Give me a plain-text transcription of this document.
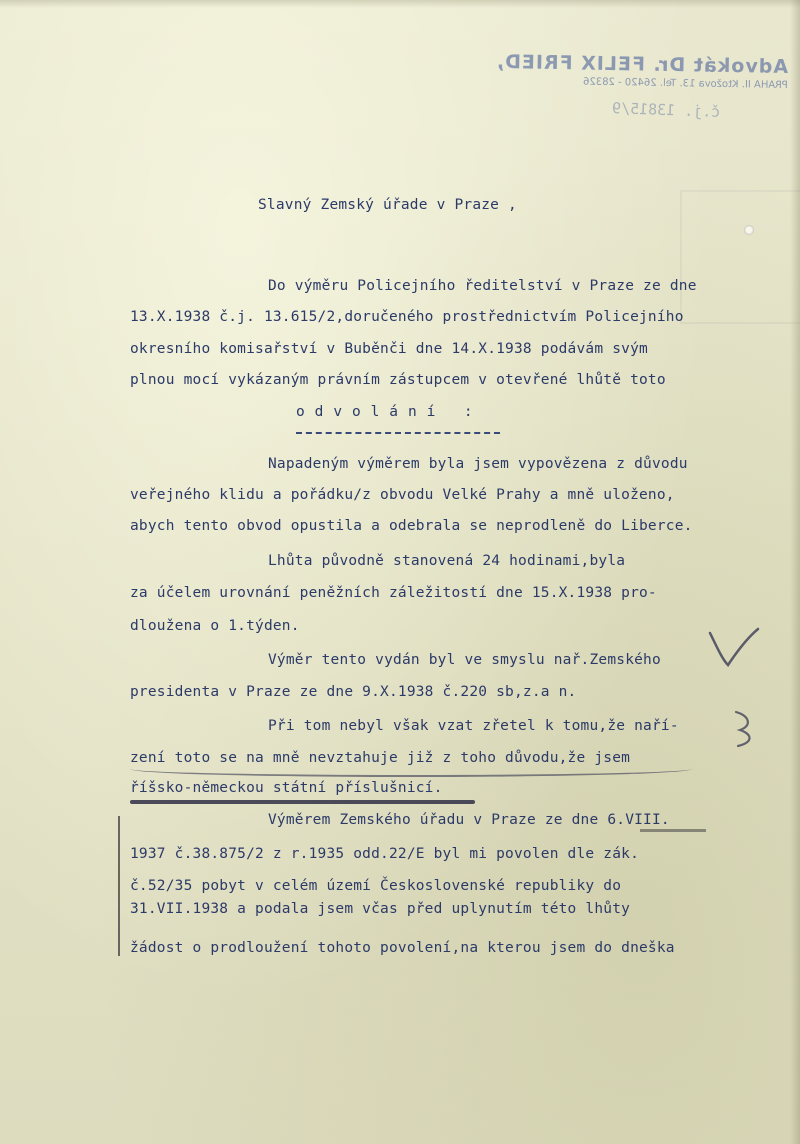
Advokát Dr. FELIX FRIED,
PRAHA II. Ktožova 13. Tel. 26420 - 28326
č.j. 13815/9
Slavný Zemský úřade v Praze ,
Do výměru Policejního ředitelství v Praze ze dne
13.X.1938 č.j. 13.615/2,doručeného prostřednictvím Policejního
okresního komisařství v Buběnči dne 14.X.1938 podávám svým
plnou mocí vykázaným právním zástupcem v otevřené lhůtě toto
o d v o l á n í   :
Napadeným výměrem byla jsem vypovězena z důvodu
veřejného klidu a pořádku/z obvodu Velké Prahy a mně uloženo,
abych tento obvod opustila a odebrala se neprodleně do Liberce.
Lhůta původně stanovená 24 hodinami,byla
za účelem urovnání peněžních záležitostí dne 15.X.1938 pro-
dloužena o 1.týden.
Výměr tento vydán byl ve smyslu nař.Zemského
presidenta v Praze ze dne 9.X.1938 č.220 sb,z.a n.
Při tom nebyl však vzat zřetel k tomu,že naří-
zení toto se na mně nevztahuje již z toho důvodu,že jsem
říšsko-německou státní příslušnicí.
Výměrem Zemského úřadu v Praze ze dne 6.VIII.
1937 č.38.875/2 z r.1935 odd.22/E byl mi povolen dle zák.
č.52/35 pobyt v celém území Československé republiky do
31.VII.1938 a podala jsem včas před uplynutím této lhůty
žádost o prodloužení tohoto povolení,na kterou jsem do dneška
